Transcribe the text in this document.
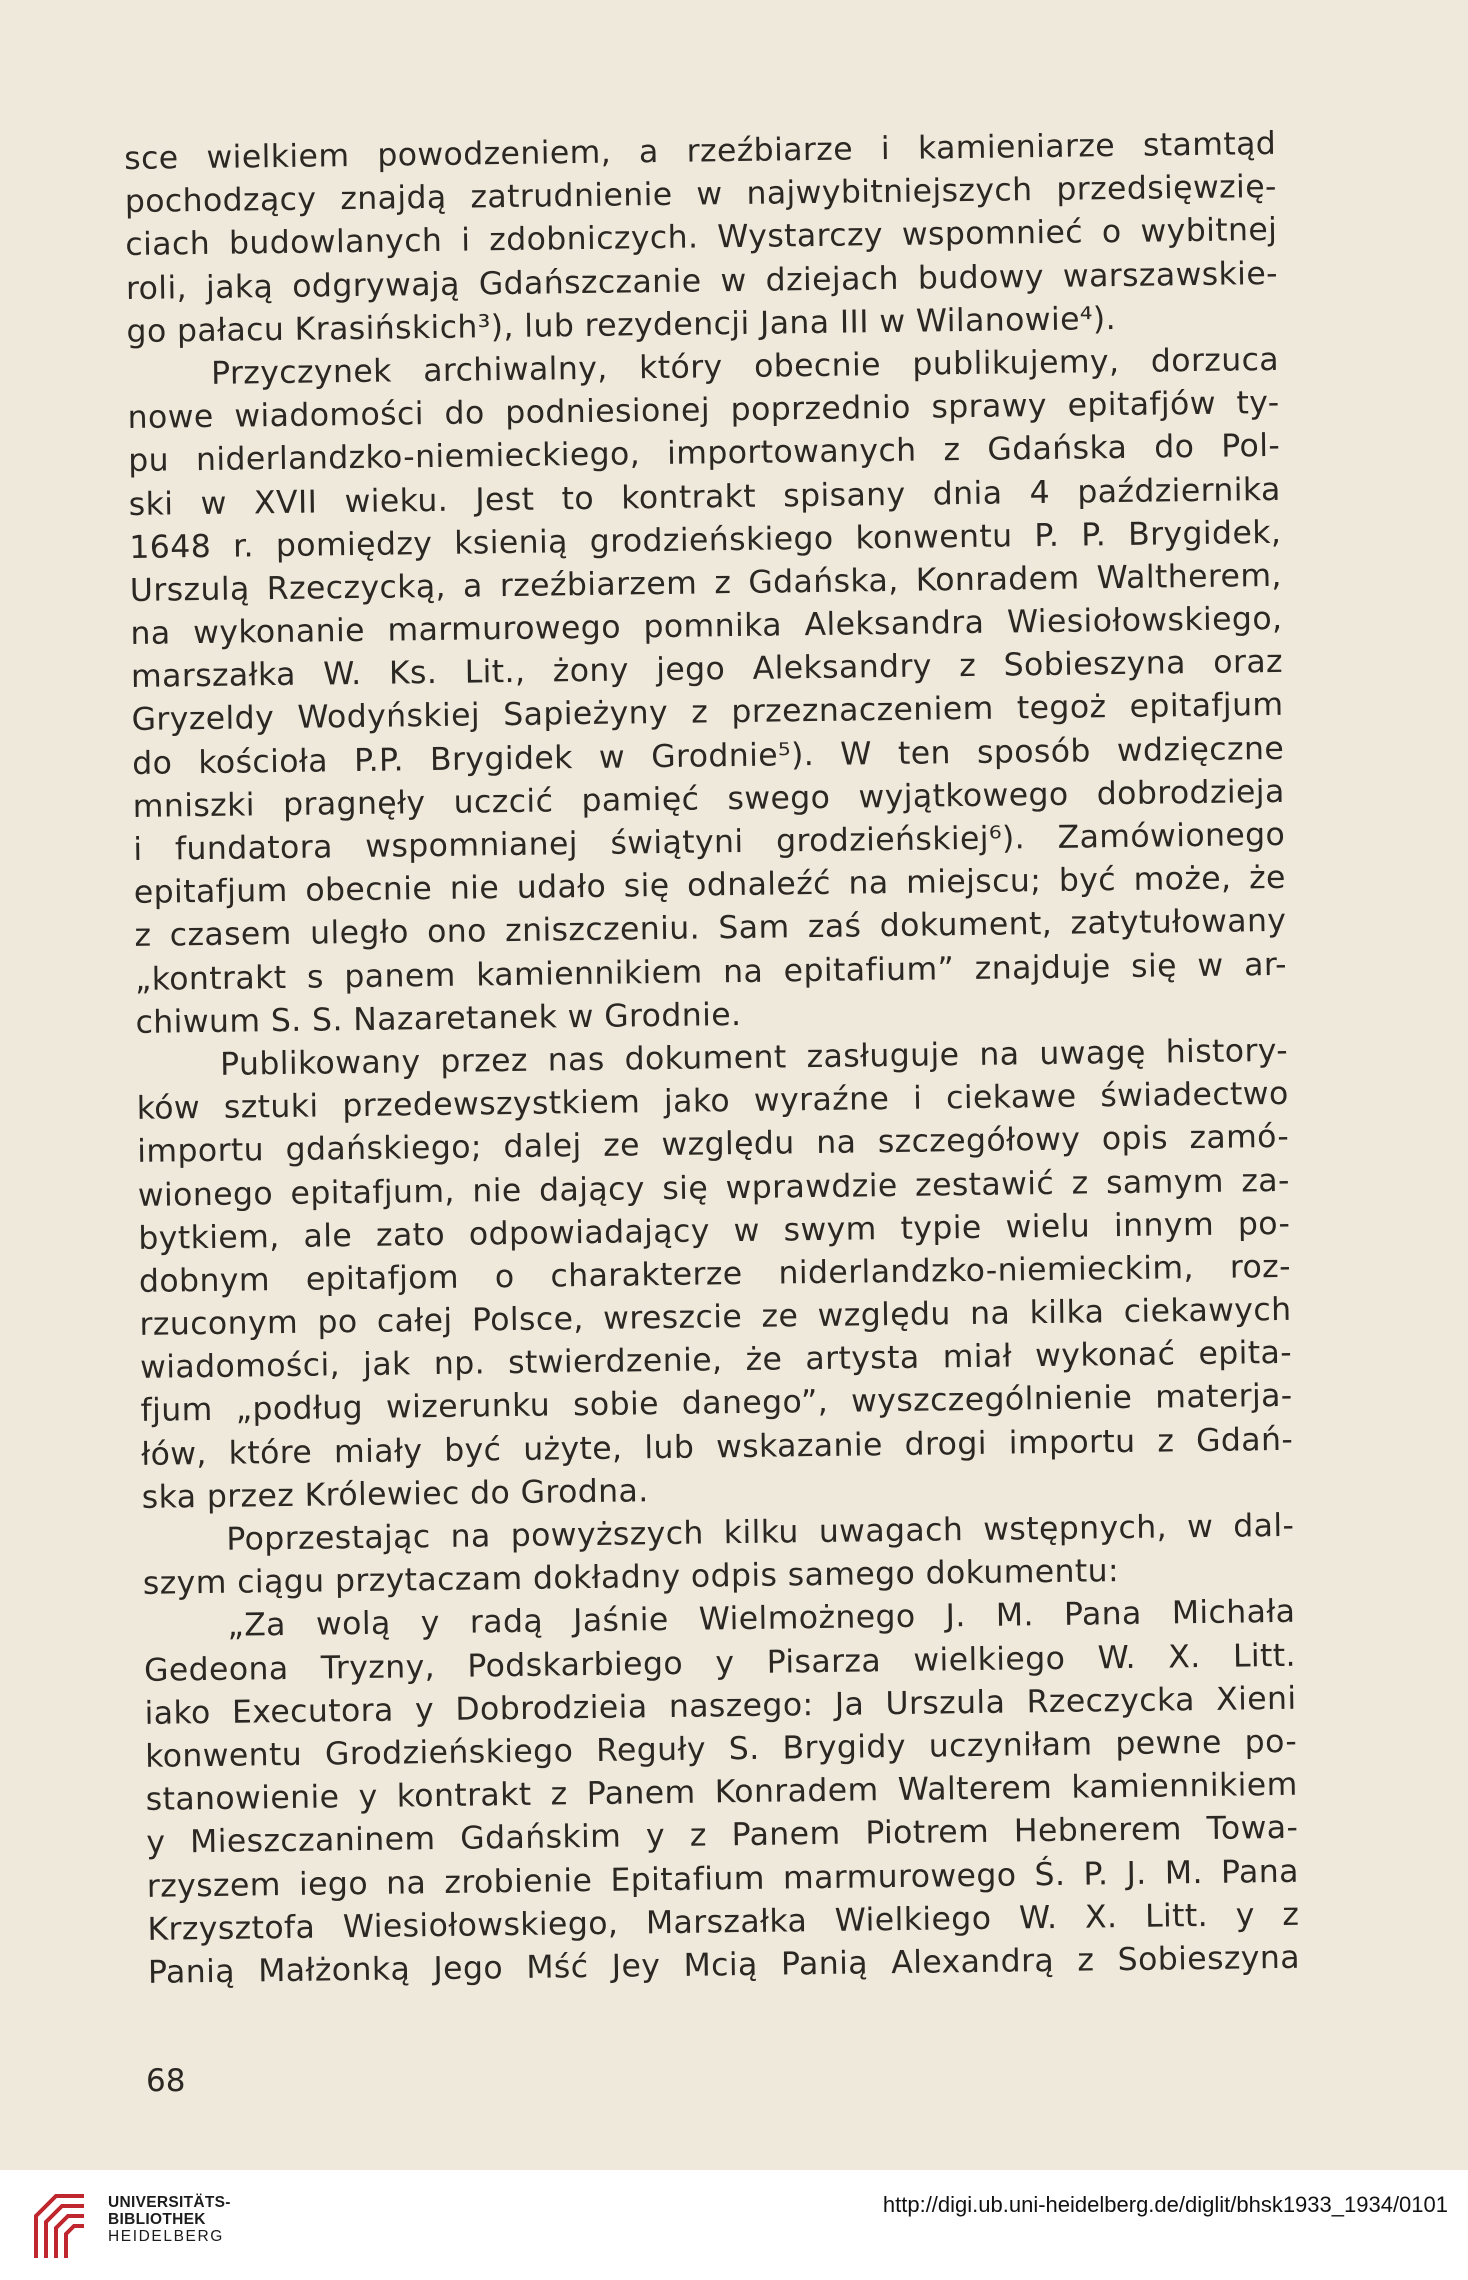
sce wielkiem powodzeniem, a rzeźbiarze i kamieniarze stamtąd
pochodzący znajdą zatrudnienie w najwybitniejszych przedsięwzię-
ciach budowlanych i zdobniczych. Wystarczy wspomnieć o wybitnej
roli, jaką odgrywają Gdańszczanie w dziejach budowy warszawskie-
go pałacu Krasińskich³), lub rezydencji Jana III w Wilanowie⁴).
Przyczynek archiwalny, który obecnie publikujemy, dorzuca
nowe wiadomości do podniesionej poprzednio sprawy epitafjów ty-
pu niderlandzko-niemieckiego, importowanych z Gdańska do Pol-
ski w XVII wieku. Jest to kontrakt spisany dnia 4 października
1648 r. pomiędzy ksienią grodzieńskiego konwentu P. P. Brygidek,
Urszulą Rzeczycką, a rzeźbiarzem z Gdańska, Konradem Waltherem,
na wykonanie marmurowego pomnika Aleksandra Wiesiołowskiego,
marszałka W. Ks. Lit., żony jego Aleksandry z Sobieszyna oraz
Gryzeldy Wodyńskiej Sapieżyny z przeznaczeniem tegoż epitafjum
do kościoła P.P. Brygidek w Grodnie⁵). W ten sposób wdzięczne
mniszki pragnęły uczcić pamięć swego wyjątkowego dobrodzieja
i fundatora wspomnianej świątyni grodzieńskiej⁶). Zamówionego
epitafjum obecnie nie udało się odnaleźć na miejscu; być może, że
z czasem uległo ono zniszczeniu. Sam zaś dokument, zatytułowany
„kontrakt s panem kamiennikiem na epitafium” znajduje się w ar-
chiwum S. S. Nazaretanek w Grodnie.
Publikowany przez nas dokument zasługuje na uwagę history-
ków sztuki przedewszystkiem jako wyraźne i ciekawe świadectwo
importu gdańskiego; dalej ze względu na szczegółowy opis zamó-
wionego epitafjum, nie dający się wprawdzie zestawić z samym za-
bytkiem, ale zato odpowiadający w swym typie wielu innym po-
dobnym epitafjom o charakterze niderlandzko-niemieckim, roz-
rzuconym po całej Polsce, wreszcie ze względu na kilka ciekawych
wiadomości, jak np. stwierdzenie, że artysta miał wykonać epita-
fjum „podług wizerunku sobie danego”, wyszczególnienie materja-
łów, które miały być użyte, lub wskazanie drogi importu z Gdań-
ska przez Królewiec do Grodna.
Poprzestając na powyższych kilku uwagach wstępnych, w dal-
szym ciągu przytaczam dokładny odpis samego dokumentu:
„Za wolą y radą Jaśnie Wielmożnego J. M. Pana Michała
Gedeona Tryzny, Podskarbiego y Pisarza wielkiego W. X. Litt.
iako Executora y Dobrodzieia naszego: Ja Urszula Rzeczycka Xieni
konwentu Grodzieńskiego Reguły S. Brygidy uczyniłam pewne po-
stanowienie y kontrakt z Panem Konradem Walterem kamiennikiem
y Mieszczaninem Gdańskim y z Panem Piotrem Hebnerem Towa-
rzyszem iego na zrobienie Epitafium marmurowego Ś. P. J. M. Pana
Krzysztofa Wiesiołowskiego, Marszałka Wielkiego W. X. Litt. y z
Panią Małżonką Jego Mść Jey Mcią Panią Alexandrą z Sobieszyna
68
UNIVERSITÄTS-
BIBLIOTHEK
HEIDELBERG
http://digi.ub.uni-heidelberg.de/diglit/bhsk1933_1934/0101
